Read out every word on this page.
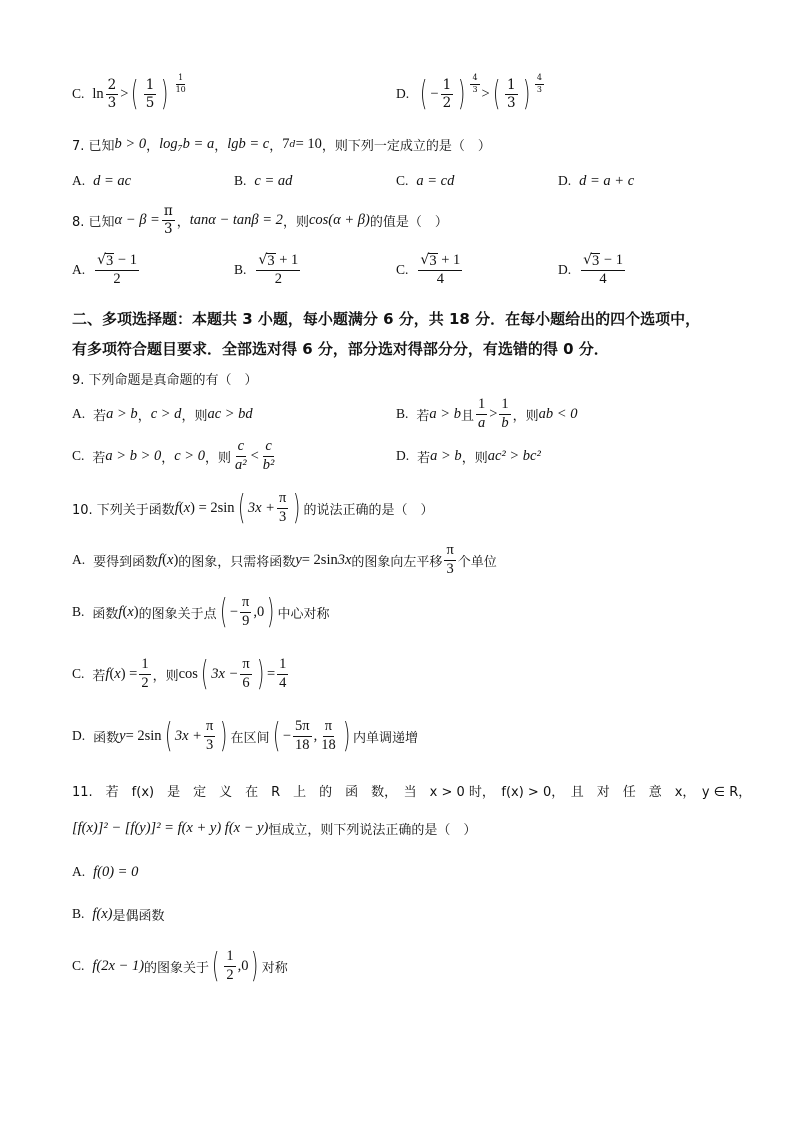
C. $\ln \frac{2}{3}$ > ( $\frac{1}{5}$ ) $\frac{1}{10}$	D. ( − $\frac{1}{2}$ ) $\frac{4}{3}$ > ( $\frac{1}{3}$ ) $\frac{4}{3}$
7. 已知 b > 0 ， log₇b = a ， lgb = c ， 7 d = 10 ，则下列一定成立的是（　）
A. d = ac	B. c = ad	C. a = cd	D. d = a + c
8. 已知 $\alpha - \beta = \frac{\pi}{3}$ ， tanα − tanβ = 2 ，则 cos(α + β) 的值是（　）
A. $\frac{√ 3 - 1}{2}$	B. $\frac{√ 3 + 1}{2}$	C. $\frac{√ 3 + 1}{4}$	D. $\frac{√ 3 - 1}{4}$
二、多项选择题：本题共 3 小题，每小题满分 6 分，共 18 分．在每小题给出的四个选项中，
有多项符合题目要求．全部选对得 6 分，部分选对得部分分，有选错的得 0 分．
9. 下列命题是真命题的有（　）
A. 若 a > b ， c > d ，则 ac > bd	B. 若 a > b 且 $\frac{1}{a} > \frac{1}{b}$ ，则 ab < 0
C. 若 a > b > 0 ， c > 0 ，则 $\frac{c}{\text{a²}} < \frac{c}{\text{b²}}$	D. 若 a > b ，则 ac² > bc²
10. 下列关于函数 f ( x ) = 2sin ( $3x + \frac{\pi}{3}$ ) 的说法正确的是（　）
A. 要得到函数 f ( x ) 的图象，只需将函数 y = 2sin 3x 的图象向左平移 $\frac{\pi}{3}$ 个单位
B. 函数 f ( x ) 的图象关于点 ( − $\frac{\pi}{9} ,0$ ) 中心对称
C. 若 f ( x ) = $\frac{1}{2}$ ，则 cos ( $3x - \frac{\pi}{6}$ ) = $\frac{1}{4}$
D. 函数 y = 2sin ( $3x + \frac{\pi}{3}$ ) 在区间 ( − $\frac{5\pi}{18}$ , $\frac{\pi}{18}$ ) 内单调递增
11.　若　f(x)　是　定　义　在　R　上　的　函　数，　当　x > 0 时，　f(x) > 0，　且　对　任　意　x，　y ∈ R，
[f(x)]² − [f(y)]² = f(x + y) f(x − y) 恒成立，则下列说法正确的是（　）
A. f(0) = 0
B. f(x) 是偶函数
C. f(2x − 1) 的图象关于 ( $\frac{1}{2} ,0$ ) 对称
